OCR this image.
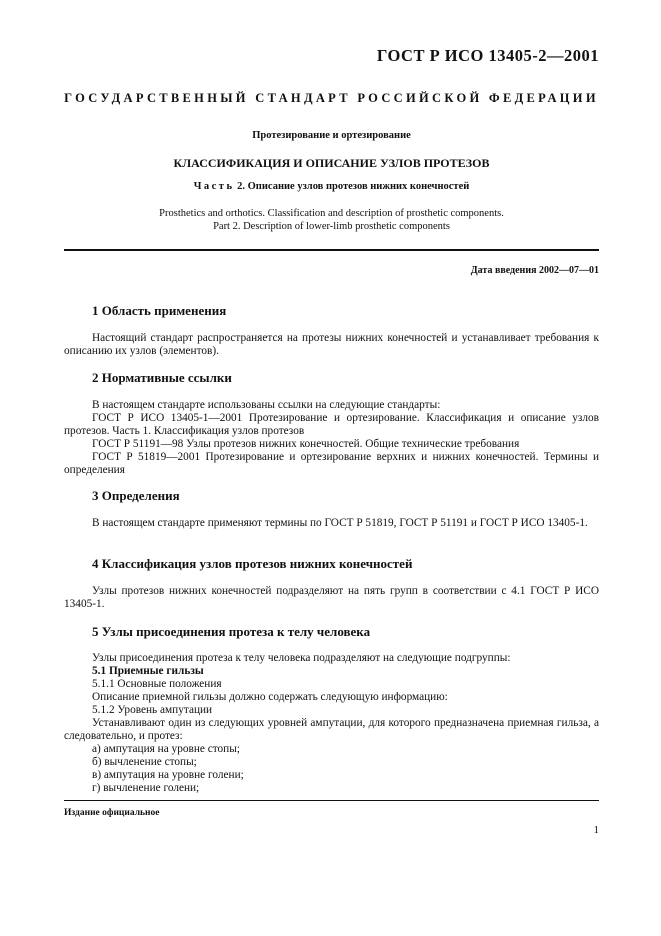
ГОСТ Р ИСО 13405-2—2001
ГОСУДАРСТВЕННЫЙ СТАНДАРТ РОССИЙСКОЙ ФЕДЕРАЦИИ
Протезирование и ортезирование
КЛАССИФИКАЦИЯ И ОПИСАНИЕ УЗЛОВ ПРОТЕЗОВ
Часть 2. Описание узлов протезов нижних конечностей
Prosthetics and orthotics. Classification and description of prosthetic components.
Part 2. Description of lower-limb prosthetic components
Дата введения 2002—07—01
1 Область применения
Настоящий стандарт распространяется на протезы нижних конечностей и устанавливает требования к описанию их узлов (элементов).
2 Нормативные ссылки
В настоящем стандарте использованы ссылки на следующие стандарты:
ГОСТ Р ИСО 13405-1—2001 Протезирование и ортезирование. Классификация и описание узлов протезов. Часть 1. Классификация узлов протезов
ГОСТ Р 51191—98 Узлы протезов нижних конечностей. Общие технические требования
ГОСТ Р 51819—2001 Протезирование и ортезирование верхних и нижних конечностей. Термины и определения
3 Определения
В настоящем стандарте применяют термины по ГОСТ Р 51819, ГОСТ Р 51191 и ГОСТ Р ИСО 13405-1.
4 Классификация узлов протезов нижних конечностей
Узлы протезов нижних конечностей подразделяют на пять групп в соответствии с 4.1 ГОСТ Р ИСО 13405-1.
5 Узлы присоединения протеза к телу человека
Узлы присоединения протеза к телу человека подразделяют на следующие подгруппы:
5.1 Приемные гильзы
5.1.1 Основные положения
Описание приемной гильзы должно содержать следующую информацию:
5.1.2 Уровень ампутации
Устанавливают один из следующих уровней ампутации, для которого предназначена приемная гильза, а следовательно, и протез:
а) ампутация на уровне стопы;
б) вычленение стопы;
в) ампутация на уровне голени;
г) вычленение голени;
Издание официальное
1
